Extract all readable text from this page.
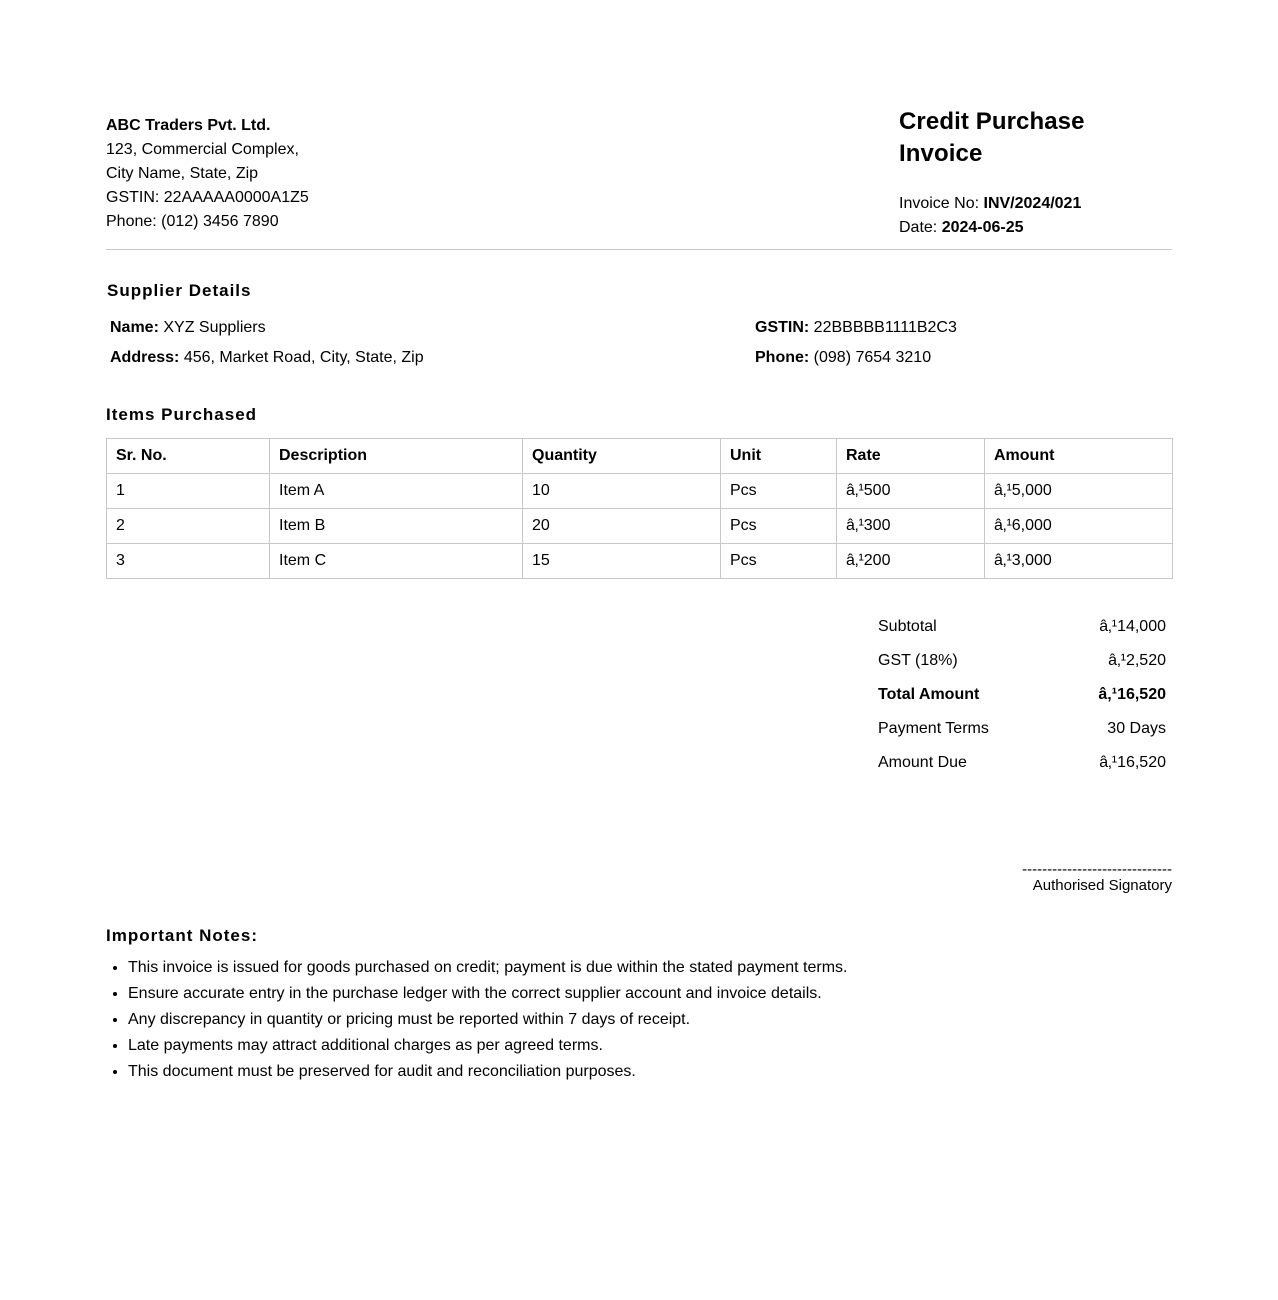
ABC Traders Pvt. Ltd.
123, Commercial Complex,
City Name, State, Zip
GSTIN: 22AAAAA0000A1Z5
Phone: (012) 3456 7890
Credit Purchase Invoice
Invoice No: INV/2024/021
Date: 2024-06-25
Supplier Details
Name: XYZ Suppliers
Address: 456, Market Road, City, State, Zip
GSTIN: 22BBBBB1111B2C3
Phone: (098) 7654 3210
Items Purchased
Sr. No.	Description	Quantity	Unit	Rate	Amount
1	Item A	10	Pcs	â‚¹500	â‚¹5,000
2	Item B	20	Pcs	â‚¹300	â‚¹6,000
3	Item C	15	Pcs	â‚¹200	â‚¹3,000
Subtotal	â‚¹14,000
GST (18%)	â‚¹2,520
Total Amount	â‚¹16,520
Payment Terms	30 Days
Amount Due	â‚¹16,520
------------------------------
Authorised Signatory
Important Notes:
• This invoice is issued for goods purchased on credit; payment is due within the stated payment terms.
• Ensure accurate entry in the purchase ledger with the correct supplier account and invoice details.
• Any discrepancy in quantity or pricing must be reported within 7 days of receipt.
• Late payments may attract additional charges as per agreed terms.
• This document must be preserved for audit and reconciliation purposes.
